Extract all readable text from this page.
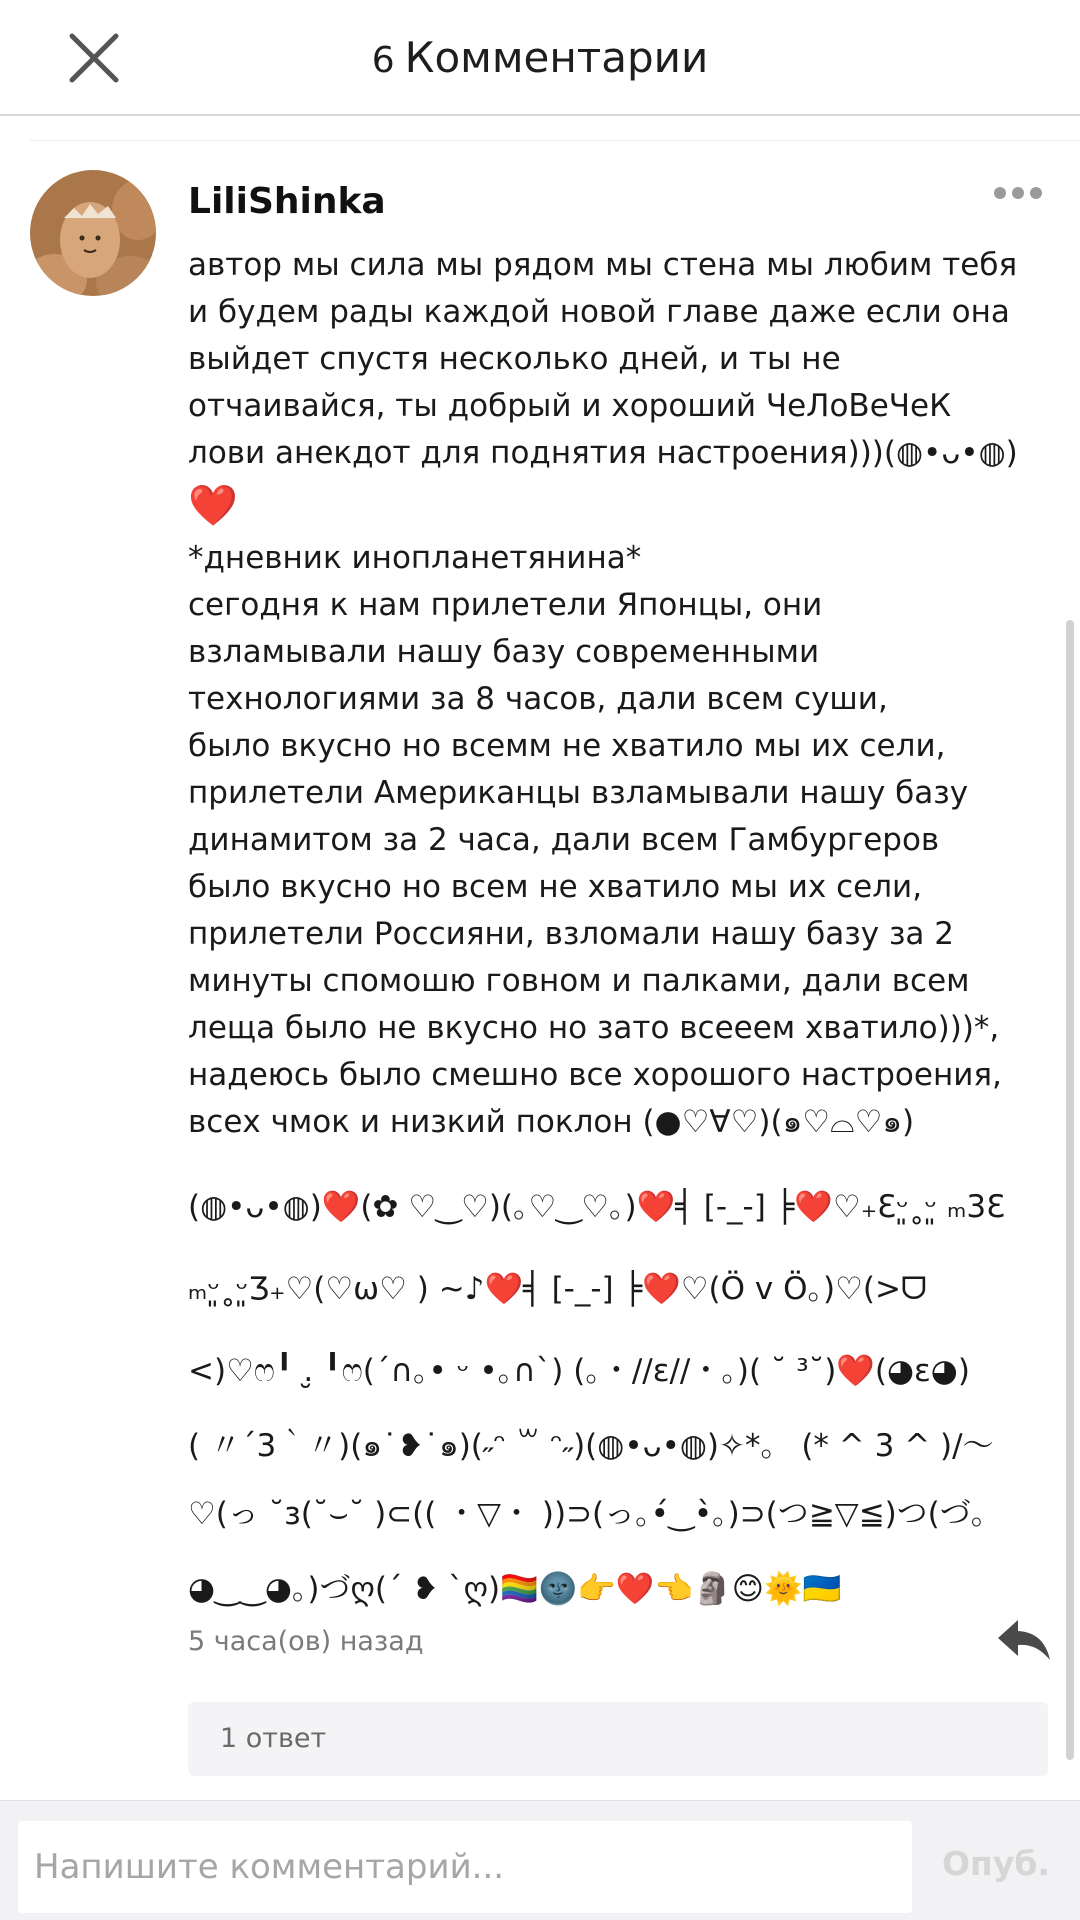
6 Комментарии
LiliShinka

автор мы сила мы рядом мы стена мы любим тебя

и будем рады каждой новой главе даже если она

выйдет спустя несколько дней, и ты не

отчаивайся, ты добрый и хороший ЧеЛоВеЧеК

лови анекдот для поднятия настроения)))(◍•ᴗ•◍)

❤️

*дневник инопланетянина*

сегодня к нам прилетели Японцы, они

взламывали нашу базу современными

технологиями за 8 часов, дали всем суши,

было вкусно но всемм не хватило мы их сели,

прилетели Американцы взламывали нашу базу

динамитом за 2 часа, дали всем Гамбургеров

было вкусно но всем не хватило мы их сели,

прилетели Россияни, взломали нашу базу за 2

минуты спомошю говном и палками, дали всем

леща было не вкусно но зато всееем хватило)))*,

надеюсь было смешно все хорошого настроения,

всех чмок и низкий поклон (●♡∀♡)(๑♡⌓♡๑)

(◍•ᴗ•◍)❤️(✿ ♡‿♡)(｡♡‿♡｡)❤️╡ [-_-] ╞❤️♡₊Ɛᵕ͈˳ᵕ͈ ₘ3Ɛ

ₘᵕ͈˳ᵕ͈Ʒ₊♡(♡ω♡ ) ~♪❤️╡ [-_-] ╞❤️♡(Ö v Ö｡)♡(>ᗜ

<)♡ෆ╹ .̮ ╹ෆ(´∩｡• ᵕ •｡∩`) (。・//ε//・。)( ˘ ³˘)❤️(◕ε◕)

( 〃´3｀〃)(๑˙❥˙๑)(˶ᵔ ꒳ ᵔ˶)(◍•ᴗ•◍)✧*。 (* ^ 3 ^ )/～

♡(っ ˘з(˘⌣˘ )⊂(( ・▽・ ))⊃(っ｡•́‿•̀｡)⊃(つ≧▽≦)つ(づ｡

◕‿‿◕｡)づღ(´ ❥ `ღ)🏳️‍🌈🌚👉❤️👈🗿😊🌞🇺🇦

5 часа(ов) назад
1 ответ
Напишите комментарий...
Опуб.
